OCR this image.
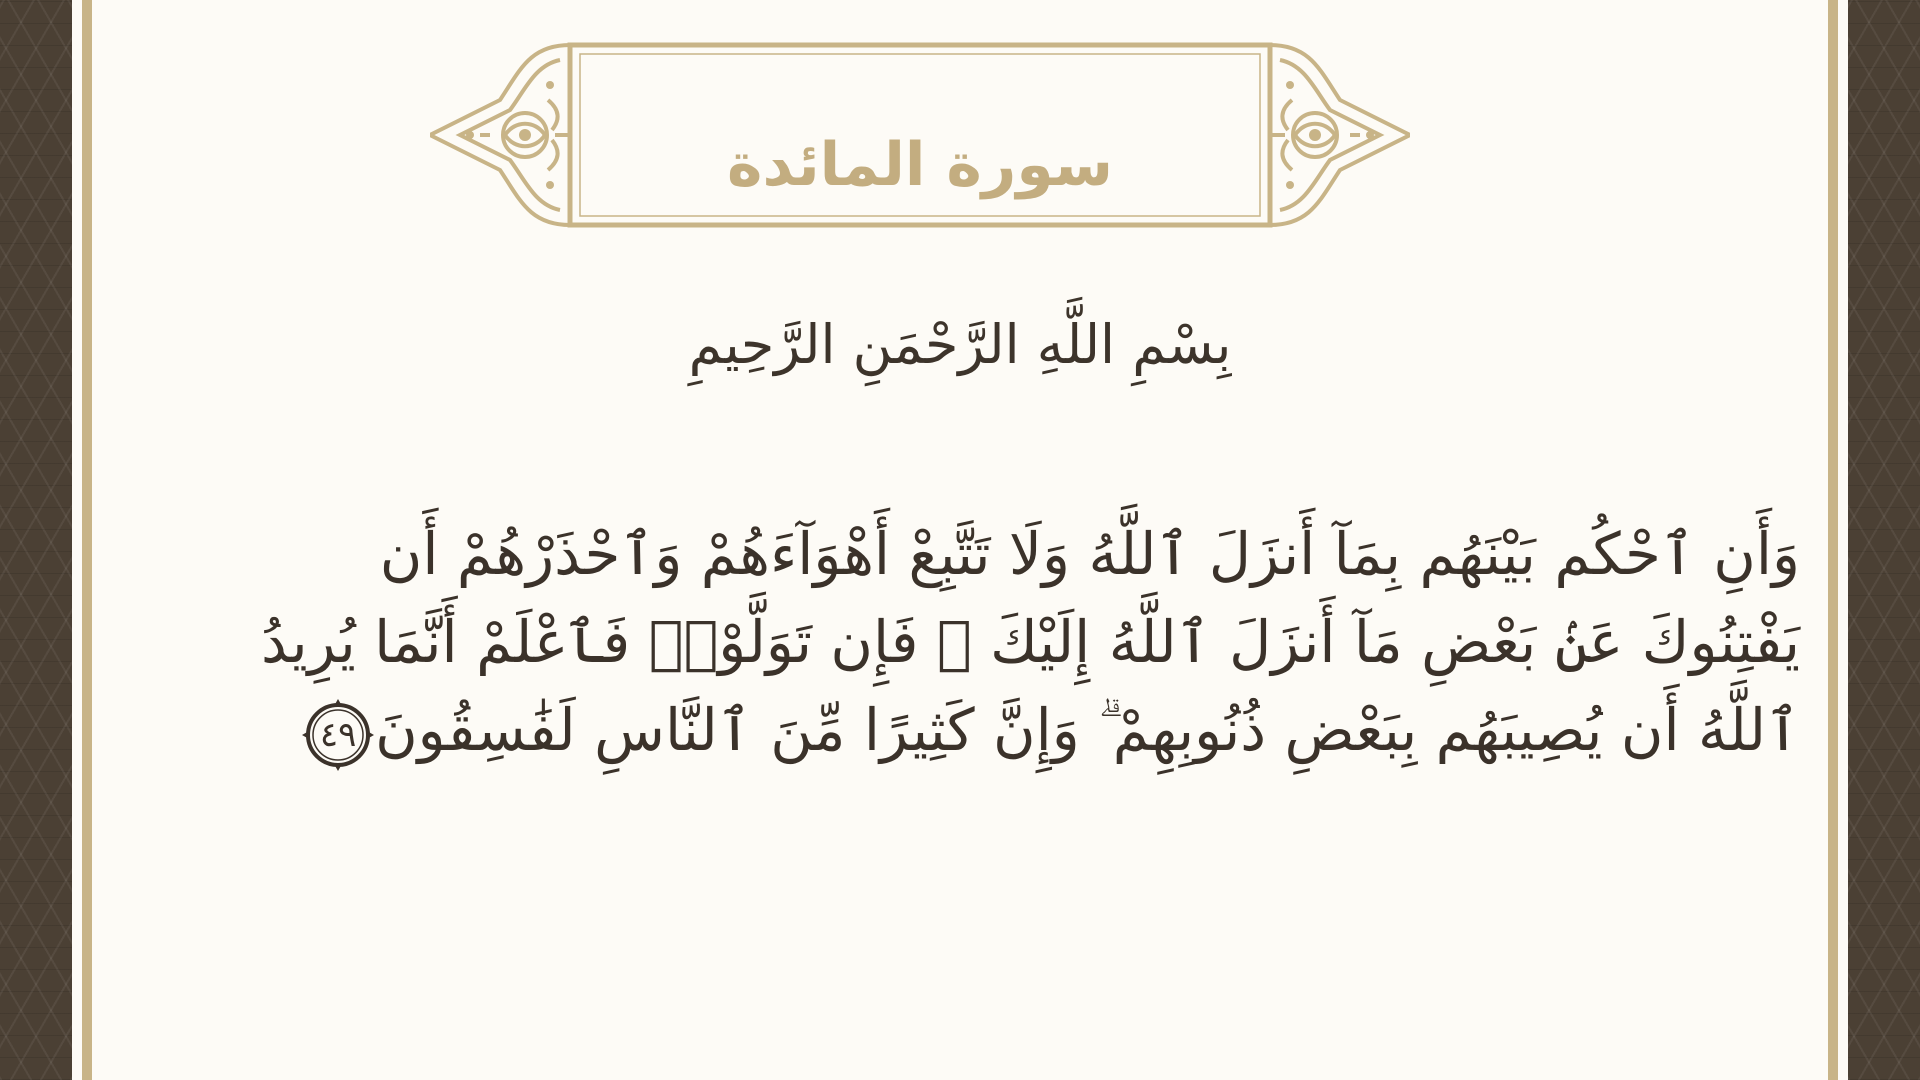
سورة المائدة
بِسْمِ اللَّهِ الرَّحْمَنِ الرَّحِيمِ
وَأَنِ ٱحْكُم بَيْنَهُم بِمَآ أَنزَلَ ٱللَّهُ وَلَا تَتَّبِعْ أَهْوَآءَهُمْ وَٱحْذَرْهُمْ أَن
يَفْتِنُوكَ عَنۢ بَعْضِ مَآ أَنزَلَ ٱللَّهُ إِلَيْكَ ۖ فَإِن تَوَلَّوْا۟ فَٱعْلَمْ أَنَّمَا يُرِيدُ
ٱللَّهُ أَن يُصِيبَهُم بِبَعْضِ ذُنُوبِهِمْ ۗ وَإِنَّ كَثِيرًا مِّنَ ٱلنَّاسِ لَفَٰسِقُونَ
٤٩
